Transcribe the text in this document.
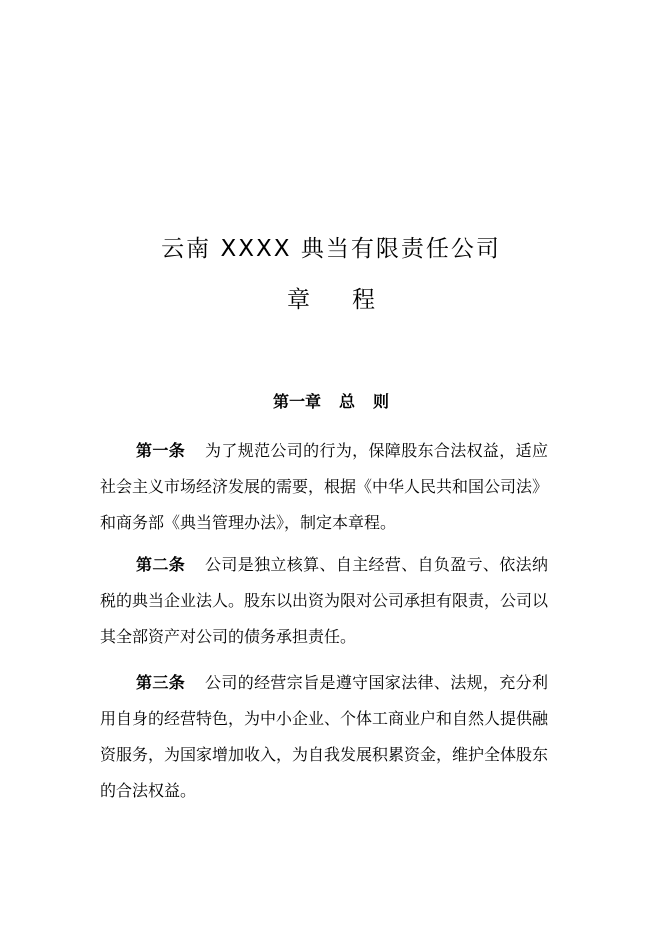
云南 XXXX 典当有限责任公司
章 程
第一章 总 则

第一条 为了规范公司的行为，保障股东合法权益，适应社会主义市场经济发展的需要，根据《中华人民共和国公司法》和商务部《典当管理办法》，制定本章程。

第二条 公司是独立核算、自主经营、自负盈亏、依法纳税的典当企业法人。股东以出资为限对公司承担有限责，公司以其全部资产对公司的债务承担责任。

第三条 公司的经营宗旨是遵守国家法律、法规，充分利用自身的经营特色，为中小企业、个体工商业户和自然人提供融资服务，为国家增加收入，为自我发展积累资金，维护全体股东的合法权益。
